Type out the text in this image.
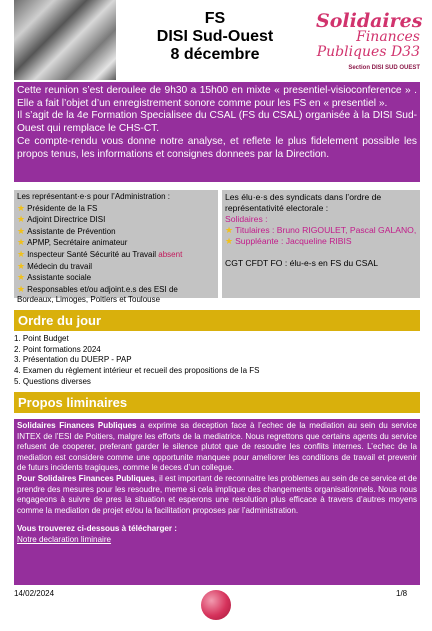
FS
DISI Sud-Ouest
8 décembre
Solidaires
Finances
Publiques D33
Section DISI SUD OUEST

Cette reunion s’est deroulee de 9h30 a 15h00 en mixte « presentiel-visioconference » . Elle a fait l’objet d’un enregistrement sonore comme pour les FS en « presentiel ».

Il s’agit de la 4e Formation Specialisee du CSAL (FS du CSAL) organisée à la DISI Sud-Ouest qui remplace le CHS-CT.

Ce compte-rendu vous donne notre analyse, et reflete le plus fidelement possible les propos tenus, les informations et consignes donnees par la Direction.

Les représentant·e·s pour l’Administration :
★ Présidente de la FS
★ Adjoint Directrice DISI
★ Assistante de Prévention
★ APMP, Secrétaire animateur
★ Inspecteur Santé Sécurité au Travail absent
★ Médecin du travail
★ Assistante sociale
★ Responsables et/ou adjoint.e.s des ESI de
Bordeaux, Limoges, Poitiers et Toulouse
Les élu·e·s des syndicats dans l’ordre de représentativité electorale :
Solidaires :
★ Titulaires : Bruno RIGOULET, Pascal GALANO,
★ Suppléante : Jacqueline RIBIS
CGT CFDT FO : élu-e-s en FS du CSAL
Ordre du jour
1. Point Budget
2. Point formations 2024
3. Présentation du DUERP - PAP
4. Examen du règlement intérieur et recueil des propositions de la FS
5. Questions diverses
Propos liminaires

Solidaires Finances Publiques a exprime sa deception face à l’echec de la mediation au sein du service INTEX de l’ESI de Poitiers, malgre les efforts de la mediatrice. Nous regrettons que certains agents du service refusent de cooperer, preferant garder le silence plutot que de resoudre les conflits internes. L’echec de la mediation est considere comme une opportunite manquee pour ameliorer les conditions de travail et prevenir de futurs incidents tragiques, comme le deces d’un collegue.

Pour Solidaires Finances Publiques, il est important de reconnaitre les problemes au sein de ce service et de prendre des mesures pour les resoudre, meme si cela implique des changements organisationnels. Nous nous engageons à suivre de pres la situation et esperons une resolution plus efficace à travers d’autres moyens comme la mediation de projet et/ou la facilitation proposes par l’administration.

Vous trouverez ci-dessous à télécharger :

Notre declaration liminaire

14/02/2024	1/8
